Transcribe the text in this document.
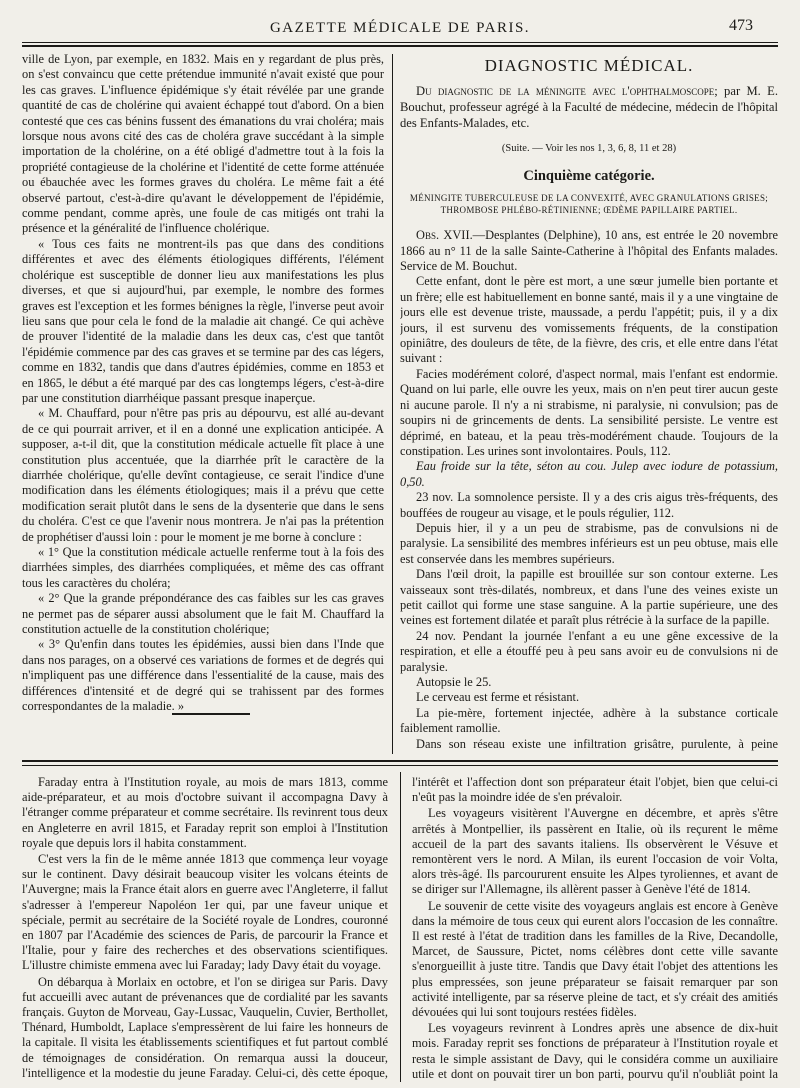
GAZETTE MÉDICALE DE PARIS.	473

ville de Lyon, par exemple, en 1832. Mais en y regardant de plus près, on s'est convaincu que cette prétendue immunité n'avait existé que pour les cas graves. L'influence épidémique s'y était révélée par une grande quantité de cas de cholérine qui avaient échappé tout d'abord. On a bien contesté que ces cas bénins fussent des émanations du vrai choléra; mais lorsque nous avons cité des cas de choléra grave succédant à la simple importation de la cholérine, on a été obligé d'admettre tout à la fois la propriété contagieuse de la cholérine et l'identité de cette forme atténuée ou ébauchée avec les formes graves du choléra. Le même fait a été observé partout, c'est-à-dire qu'avant le développement de l'épidémie, comme pendant, comme après, une foule de cas mitigés ont trahi la présence et la généralité de l'influence cholérique.

« Tous ces faits ne montrent-ils pas que dans des conditions différentes et avec des éléments étiologiques différents, l'élément cholérique est susceptible de donner lieu aux manifestations les plus diverses, et que si aujourd'hui, par exemple, le nombre des formes graves est l'exception et les formes bénignes la règle, l'inverse peut avoir lieu sans que pour cela le fond de la maladie ait changé. Ce qui achève de prouver l'identité de la maladie dans les deux cas, c'est que tantôt l'épidémie commence par des cas graves et se termine par des cas légers, comme en 1832, tandis que dans d'autres épidémies, comme en 1853 et en 1865, le début a été marqué par des cas longtemps légers, c'est-à-dire par une constitution diarrhéique passant presque inaperçue.

« M. Chauffard, pour n'être pas pris au dépourvu, est allé au-devant de ce qui pourrait arriver, et il en a donné une explication anticipée. A supposer, a-t-il dit, que la constitution médicale actuelle fît place à une constitution plus accentuée, que la diarrhée prît le caractère de la diarrhée cholérique, qu'elle devînt contagieuse, ce serait l'indice d'une modification dans les éléments étiologiques; mais il a prévu que cette modification serait plutôt dans le sens de la dysenterie que dans le sens du choléra. C'est ce que l'avenir nous montrera. Je n'ai pas la prétention de prophétiser d'aussi loin : pour le moment je me borne à conclure :

« 1° Que la constitution médicale actuelle renferme tout à la fois des diarrhées simples, des diarrhées compliquées, et même des cas offrant tous les caractères du choléra;

« 2° Que la grande prépondérance des cas faibles sur les cas graves ne permet pas de séparer aussi absolument que le fait M. Chauffard la constitution actuelle de la constitution cholérique;

« 3° Qu'enfin dans toutes les épidémies, aussi bien dans l'Inde que dans nos parages, on a observé ces variations de formes et de degrés qui n'impliquent pas une différence dans l'essentialité de la cause, mais des différences d'intensité et de degré qui se trahissent par des formes correspondantes de la maladie. »

DIAGNOSTIC MÉDICAL.
Du diagnostic de la méningite avec l'ophthalmoscope; par M. E. Bouchut, professeur agrégé à la Faculté de médecine, médecin de l'hôpital des Enfants-Malades, etc.
(Suite. — Voir les nos 1, 3, 6, 8, 11 et 28)
Cinquième catégorie.
MÉNINGITE TUBERCULEUSE DE LA CONVEXITÉ, AVEC GRANULATIONS GRISES; THROMBOSE PHLÉBO-RÉTINIENNE; ŒDÈME PAPILLAIRE PARTIEL.

Obs. XVII.—Desplantes (Delphine), 10 ans, est entrée le 20 novembre 1866 au n° 11 de la salle Sainte-Catherine à l'hôpital des Enfants malades. Service de M. Bouchut.

Cette enfant, dont le père est mort, a une sœur jumelle bien portante et un frère; elle est habituellement en bonne santé, mais il y a une vingtaine de jours elle est devenue triste, maussade, a perdu l'appétit; puis, il y a dix jours, il est survenu des vomissements fréquents, de la constipation opiniâtre, des douleurs de tête, de la fièvre, des cris, et elle entre dans l'état suivant :

Facies modérément coloré, d'aspect normal, mais l'enfant est endormie. Quand on lui parle, elle ouvre les yeux, mais on n'en peut tirer aucun geste ni aucune parole. Il n'y a ni strabisme, ni paralysie, ni convulsion; pas de soupirs ni de grincements de dents. La sensibilité persiste. Le ventre est déprimé, en bateau, et la peau très-modérément chaude. Toujours de la constipation. Les urines sont involontaires. Pouls, 112.

Eau froide sur la tête, séton au cou. Julep avec iodure de potassium, 0,50.

23 nov. La somnolence persiste. Il y a des cris aigus très-fréquents, des bouffées de rougeur au visage, et le pouls régulier, 112.

Depuis hier, il y a un peu de strabisme, pas de convulsions ni de paralysie. La sensibilité des membres inférieurs est un peu obtuse, mais elle est conservée dans les membres supérieurs.

Dans l'œil droit, la papille est brouillée sur son contour externe. Les vaisseaux sont très-dilatés, nombreux, et dans l'une des veines existe un petit caillot qui forme une stase sanguine. A la partie supérieure, une des veines est fortement dilatée et paraît plus rétrécie à la surface de la papille.

24 nov. Pendant la journée l'enfant a eu une gêne excessive de la respiration, et elle a étouffé peu à peu sans avoir eu de convulsions ni de paralysie.

Autopsie le 25.

Le cerveau est ferme et résistant.

La pie-mère, fortement injectée, adhère à la substance corticale faiblement ramollie.

Dans son réseau existe une infiltration grisâtre, purulente, à peine

Faraday entra à l'Institution royale, au mois de mars 1813, comme aide-préparateur, et au mois d'octobre suivant il accompagna Davy à l'étranger comme préparateur et comme secrétaire. Ils revinrent tous deux en Angleterre en avril 1815, et Faraday reprit son emploi à l'Institution royale que depuis lors il habita constamment.

C'est vers la fin de le même année 1813 que commença leur voyage sur le continent. Davy désirait beaucoup visiter les volcans éteints de l'Auvergne; mais la France était alors en guerre avec l'Angleterre, il fallut s'adresser à l'empereur Napoléon 1er qui, par une faveur unique et spéciale, permit au secrétaire de la Société royale de Londres, couronné en 1807 par l'Académie des sciences de Paris, de parcourir la France et l'Italie, pour y faire des recherches et des observations scientifiques. L'illustre chimiste emmena avec lui Faraday; lady Davy était du voyage.

On débarqua à Morlaix en octobre, et l'on se dirigea sur Paris. Davy fut accueilli avec autant de prévenances que de cordialité par les savants français. Guyton de Morveau, Gay-Lussac, Vauquelin, Cuvier, Berthollet, Thénard, Humboldt, Laplace s'empressèrent de lui faire les honneurs de la capitale. Il visita les établissements scientifiques et fut partout comblé de témoignages de considération. On remarqua aussi la douceur, l'intelligence et la modestie du jeune Faraday. Celui-ci, dès cette époque,

l'intérêt et l'affection dont son préparateur était l'objet, bien que celui-ci n'eût pas la moindre idée de s'en prévaloir.

Les voyageurs visitèrent l'Auvergne en décembre, et après s'être arrêtés à Montpellier, ils passèrent en Italie, où ils reçurent le même accueil de la part des savants italiens. Ils observèrent le Vésuve et remontèrent vers le nord. A Milan, ils eurent l'occasion de voir Volta, alors très-âgé. Ils parcoururent ensuite les Alpes tyroliennes, et avant de se diriger sur l'Allemagne, ils allèrent passer à Genève l'été de 1814.

Le souvenir de cette visite des voyageurs anglais est encore à Genève dans la mémoire de tous ceux qui eurent alors l'occasion de les connaître. Il est resté à l'état de tradition dans les familles de la Rive, Decandolle, Marcet, de Saussure, Pictet, noms célèbres dont cette ville savante s'enorgueillit à juste titre. Tandis que Davy était l'objet des attentions les plus empressées, son jeune préparateur se faisait remarquer par son activité intelligente, par sa réserve pleine de tact, et s'y créait des amitiés dévouées qui lui sont toujours restées fidèles.

Les voyageurs revinrent à Londres après une absence de dix-huit mois. Faraday reprit ses fonctions de préparateur à l'Institution royale et resta le simple assistant de Davy, qui le considéra comme un auxiliaire utile et dont on pouvait tirer un bon parti, pourvu qu'il n'oubliât point la
